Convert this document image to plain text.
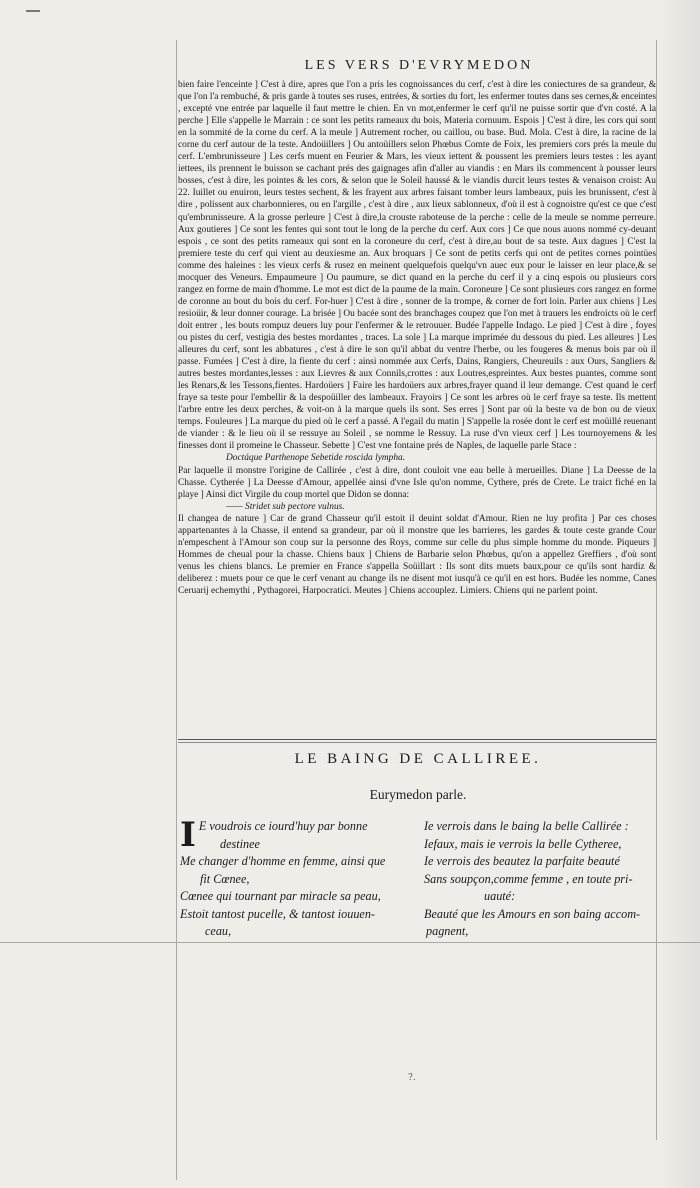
LES VERS D'EVRYMEDON

bien faire l'enceinte ] C'est à dire, apres que l'on a pris les cognoissances du cerf, c'est à dire les coniectures de sa grandeur, & que l'on l'a rembuché, & pris garde à toutes ses ruses, entrées, & sorties du fort, les enfermer toutes dans ses cernes,& enceintes , excepté vne entrée par laquelle il faut mettre le chien. En vn mot,enfermer le cerf qu'il ne puisse sortir que d'vn costé. A la perche ] Elle s'appelle le Marrain : ce sont les petits rameaux du bois, Materia cornuum. Espois ] C'est à dire, les cors qui sont en la sommité de la corne du cerf. A la meule ] Autrement rocher, ou caillou, ou base. Bud. Mola. C'est à dire, la racine de la corne du cerf autour de la teste. Andoüillers ] Ou antoüillers selon Phœbus Comte de Foix, les premiers cors prés la meule du cerf. L'embrunisseure ] Les cerfs muent en Feurier & Mars, les vieux iettent & poussent les premiers leurs testes : les ayant iettees, ils prennent le buisson se cachant prés des gaignages afin d'aller au viandis : en Mars ils commencent à pousser leurs bosses, c'est à dire, les pointes & les cors, & selon que le Soleil haussé & le viandis durcit leurs testes & venaison croist: Au 22. Iuillet ou enuiron, leurs testes sechent, & les frayent aux arbres faisant tomber leurs lambeaux, puis les brunissent, c'est à dire , polissent aux charbonnieres, ou en l'argille , c'est à dire , aux lieux sablonneux, d'où il est à cognoistre qu'est ce que c'est qu'embrunisseure. A la grosse perleure ] C'est à dire,la crouste raboteuse de la perche : celle de la meule se nomme perreure. Aux goutieres ] Ce sont les fentes qui sont tout le long de la perche du cerf. Aux cors ] Ce que nous auons nommé cy-deuant espois , ce sont des petits rameaux qui sont en la coroneure du cerf, c'est à dire,au bout de sa teste. Aux dagues ] C'est la premiere teste du cerf qui vient au deuxiesme an. Aux broquars ] Ce sont de petits cerfs qui ont de petites cornes pointües comme des haleines : les vieux cerfs & rusez en meinent quelquefois quelqu'vn auec eux pour le laisser en leur place,& se mocquer des Veneurs. Empaumeure ] Ou paumure, se dict quand en la perche du cerf il y a cinq espois ou plusieurs cors rangez en forme de main d'homme. Le mot est dict de la paume de la main. Coroneure ] Ce sont plusieurs cors rangez en forme de coronne au bout du bois du cerf. For-huer ] C'est à dire , sonner de la trompe, & corner de fort loin. Parler aux chiens ] Les resioüir, & leur donner courage. La brisée ] Ou bacée sont des branchages coupez que l'on met à trauers les endroicts où le cerf doit entrer , les bouts rompuz deuers luy pour l'enfermer & le retrouuer. Budée l'appelle Indago. Le pied ] C'est à dire , foyes ou pistes du cerf, vestigia des bestes mordantes , traces. La sole ] La marque imprimée du dessous du pied. Les alleures ] Les alleures du cerf, sont les abbatures , c'est à dire le son qu'il abbat du ventre l'herbe, ou les fougeres & menus bois par où il passe. Fumées ] C'est à dire, la fiente du cerf : ainsi nommée aux Cerfs, Dains, Rangiers, Cheureuils : aux Ours, Sangliers & autres bestes mordantes,lesses : aux Lievres & aux Connils,crottes : aux Loutres,espreintes. Aux bestes puantes, comme sont les Renars,& les Tessons,fientes. Hardoüers ] Faire les hardoüers aux arbres,frayer quand il leur demange. C'est quand le cerf fraye sa teste pour l'embellir & la despoüiller des lambeaux. Frayoirs ] Ce sont les arbres où le cerf fraye sa teste. Ils mettent l'arbre entre les deux perches, & voit-on à la marque quels ils sont. Ses erres ] Sont par où la beste va de bon ou de vieux temps. Fouleures ] La marque du pied où le cerf a passé. A l'egail du matin ] S'appelle la rosée dont le cerf est moüillé reuenant de viander : & le lieu où il se ressuye au Soleil , se nomme le Ressuy. La ruse d'vn vieux cerf ] Les tournoyemens & les finesses dont il promeine le Chasseur. Sebette ] C'est vne fontaine prés de Naples, de laquelle parle Stace :

Doctáque Parthenope Sebetide roscida lympha.

Par laquelle il monstre l'origine de Callirée , c'est à dire, dont couloit vne eau belle à merueilles. Diane ] La Deesse de la Chasse. Cytherée ] La Deesse d'Amour, appellée ainsi d'vne Isle qu'on nomme, Cythere, prés de Crete. Le traict fiché en la playe ] Ainsi dict Virgile du coup mortel que Didon se donna:

—— Stridet sub pectore vulnus.

Il changea de nature ] Car de grand Chasseur qu'il estoit il deuint soldat d'Amour. Rien ne luy profita ] Par ces choses appartenantes à la Chasse, il entend sa grandeur, par où il monstre que les barrieres, les gardes & toute ceste grande Cour n'empeschent à l'Amour son coup sur la personne des Roys, comme sur celle du plus simple homme du monde. Piqueurs ] Hommes de cheual pour la chasse. Chiens baux ] Chiens de Barbarie selon Phœbus, qu'on a appellez Greffiers , d'où sont venus les chiens blancs. Le premier en France s'appella Soüillart : Ils sont dits muets baux,pour ce qu'ils sont hardiz & deliberez : muets pour ce que le cerf venant au change ils ne disent mot iusqu'à ce qu'il en est hors. Budée les nomme, Canes Ceruarij echemythi , Pythagorei, Harpocratici. Meutes ] Chiens accouplez. Limiers. Chiens qui ne parlent point.

LE BAING DE CALLIREE.
Eurymedon parle.
I E voudrois ce iourd'huy par bonne

destinee

Me changer d'homme en femme, ainsi que

fit Cœnee,

Cœnee qui tournant par miracle sa peau,

Estoit tantost pucelle, & tantost iouuen-

ceau,

Ie verrois dans le baing la belle Callirée :

Iefaux, mais ie verrois la belle Cytheree,

Ie verrois des beautez la parfaite beauté

Sans soupçon,comme femme , en toute pri-

uauté:

Beauté que les Amours en son baing accom-

pagnent,

?.
